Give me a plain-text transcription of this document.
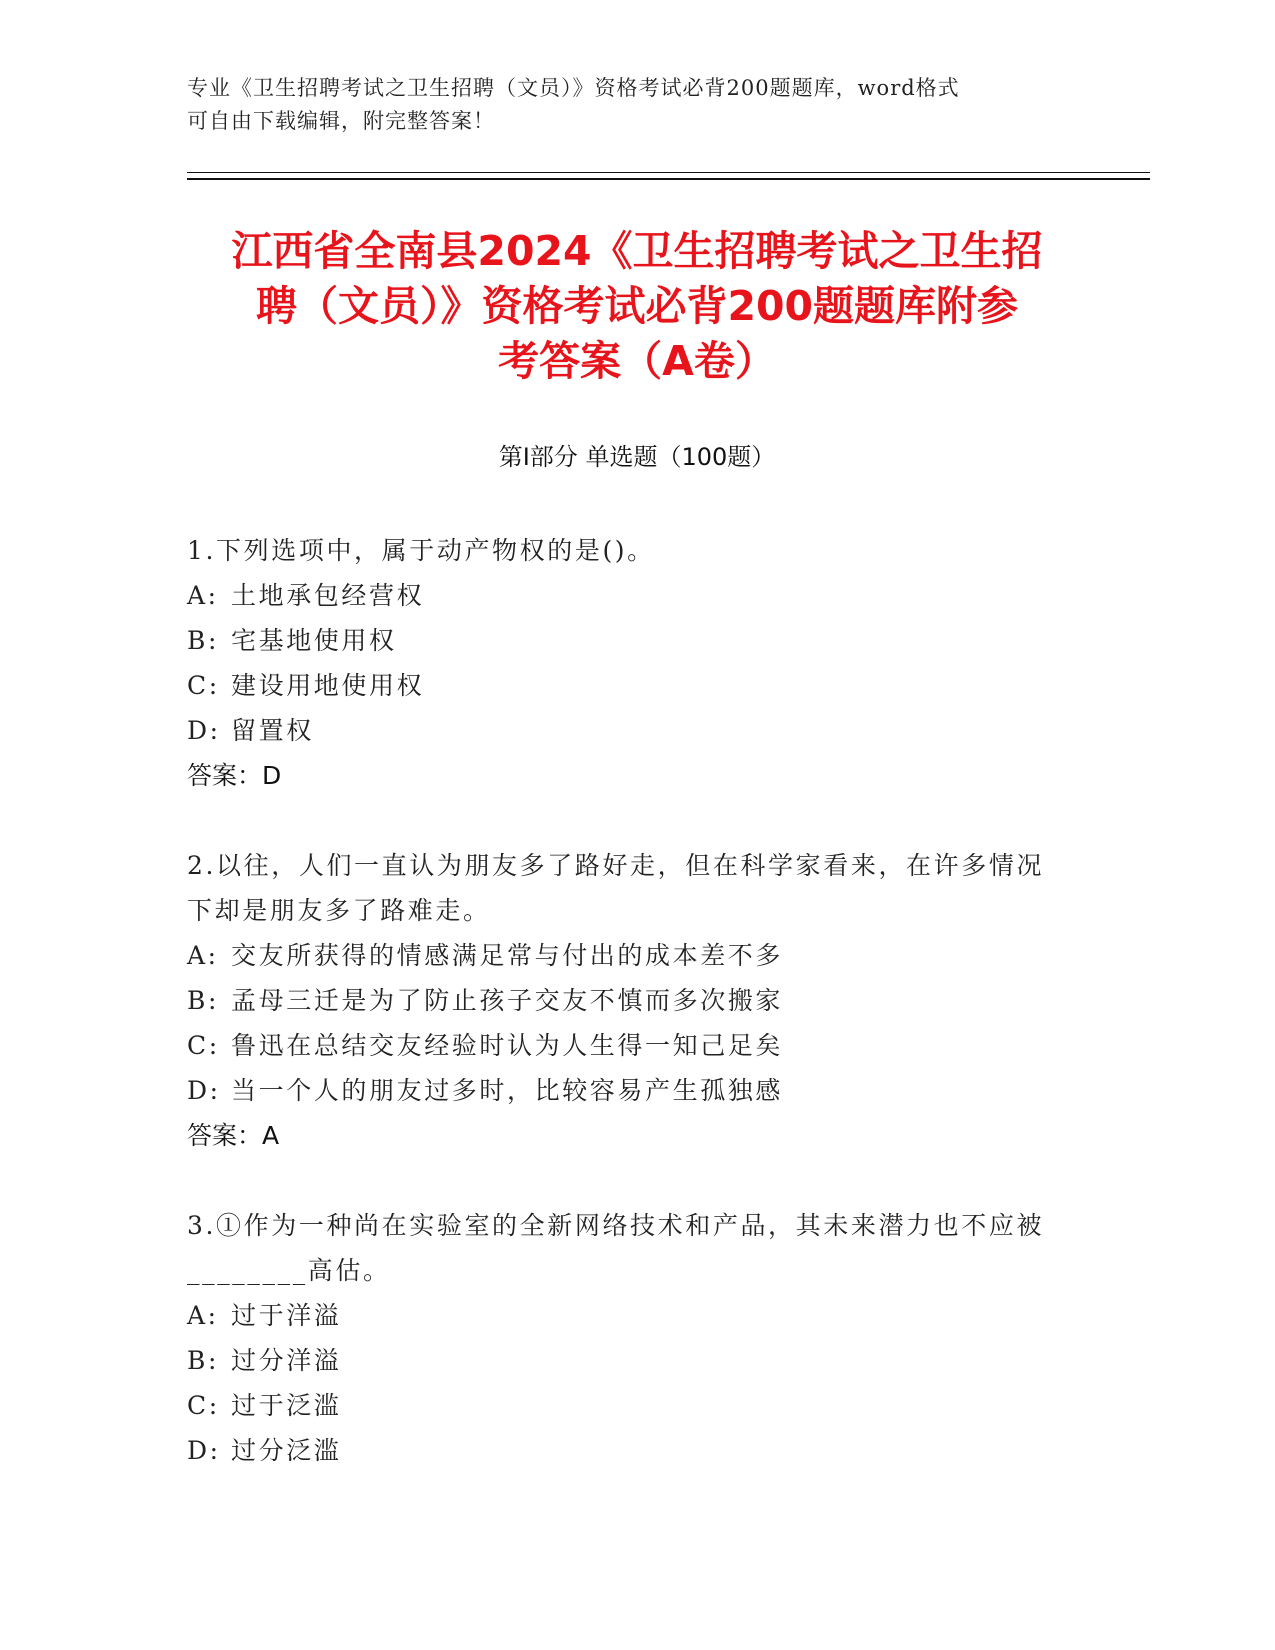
专业《卫生招聘考试之卫生招聘（文员）》资格考试必背200题题库，word格式
可自由下载编辑，附完整答案！
江西省全南县2024《卫生招聘考试之卫生招
聘（文员）》资格考试必背200题题库附参
考答案（A卷）
第Ⅰ部分 单选题（100题）
1.下列选项中，属于动产物权的是()。
A: 土地承包经营权
B: 宅基地使用权
C: 建设用地使用权
D: 留置权
答案：D
2.以往，人们一直认为朋友多了路好走，但在科学家看来，在许多情况下却是朋友多了路难走。
A: 交友所获得的情感满足常与付出的成本差不多
B: 孟母三迁是为了防止孩子交友不慎而多次搬家
C: 鲁迅在总结交友经验时认为人生得一知己足矣
D: 当一个人的朋友过多时，比较容易产生孤独感
答案：A
3.①作为一种尚在实验室的全新网络技术和产品，其未来潜力也不应被________高估。
A: 过于洋溢
B: 过分洋溢
C: 过于泛滥
D: 过分泛滥
